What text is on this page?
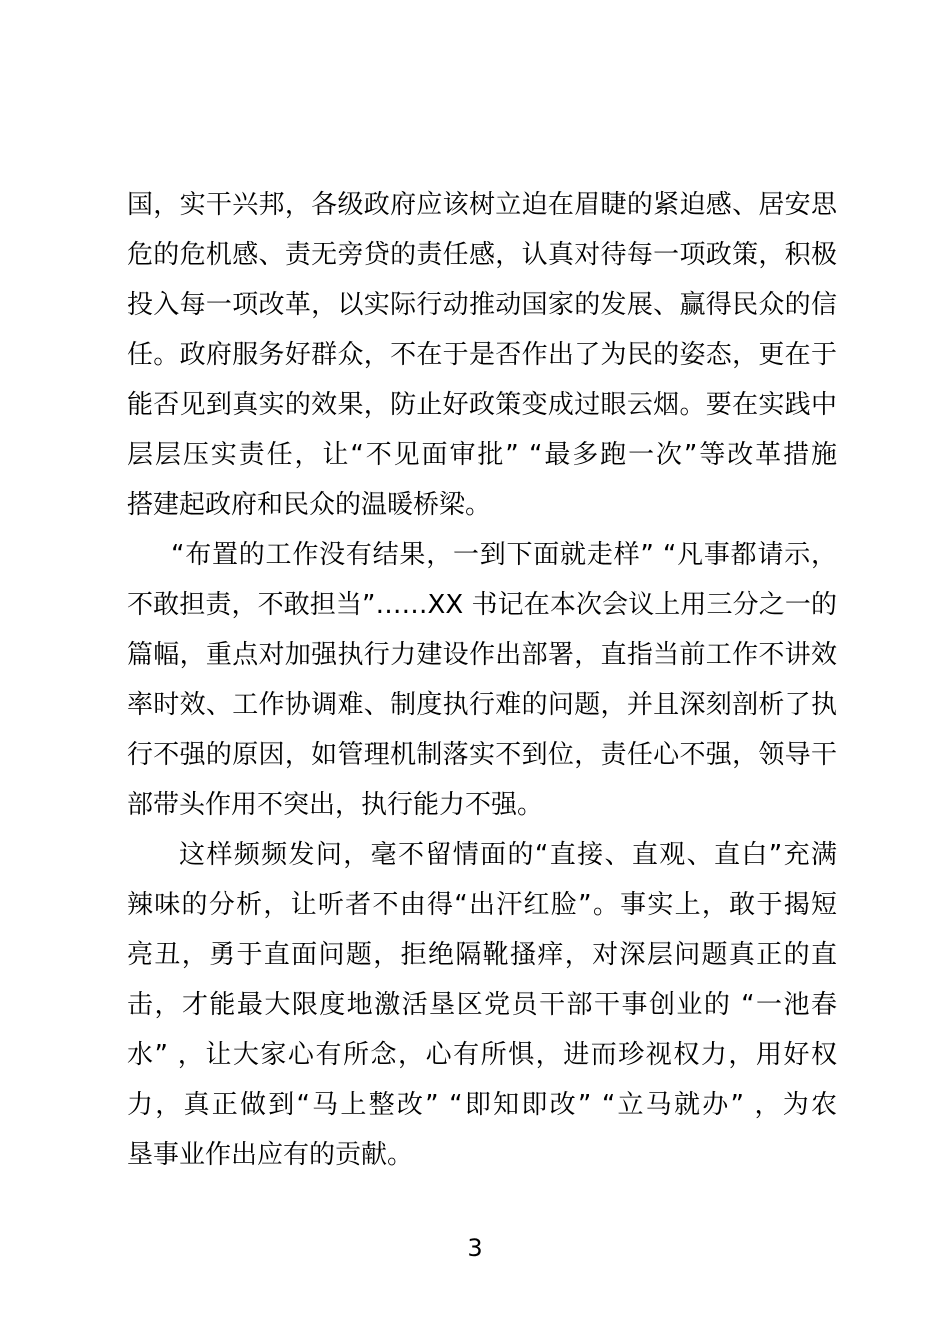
国，实干兴邦，各级政府应该树立迫在眉睫的紧迫感、居安思
危的危机感、责无旁贷的责任感，认真对待每一项政策，积极
投入每一项改革，以实际行动推动国家的发展、赢得民众的信
任。政府服务好群众，不在于是否作出了为民的姿态，更在于
能否见到真实的效果，防止好政策变成过眼云烟。要在实践中
层层压实责任，让“不见面审批” “最多跑一次”等改革措施
搭建起政府和民众的温暖桥梁。
“布置的工作没有结果，一到下面就走样” “凡事都请示，
不敢担责，不敢担当”……XX 书记在本次会议上用三分之一的
篇幅，重点对加强执行力建设作出部署，直指当前工作不讲效
率时效、工作协调难、制度执行难的问题，并且深刻剖析了执
行不强的原因，如管理机制落实不到位，责任心不强，领导干
部带头作用不突出，执行能力不强。
这样频频发问，毫不留情面的“直接、直观、直白”充满
辣味的分析，让听者不由得“出汗红脸”。事实上，敢于揭短
亮丑，勇于直面问题，拒绝隔靴搔痒，对深层问题真正的直
击，才能最大限度地激活垦区党员干部干事创业的 “一池春
水” ，让大家心有所念，心有所惧，进而珍视权力，用好权
力，真正做到“马上整改” “即知即改” “立马就办” ，为农
垦事业作出应有的贡献。
3
